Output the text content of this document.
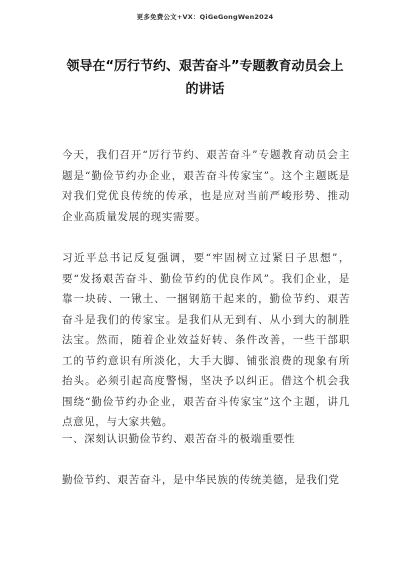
更多免费公文+VX：QiGeGongWen2024
领导在“厉行节约、艰苦奋斗”专题教育动员会上的讲话

今天，我们召开“厉行节约、艰苦奋斗”专题教育动员会主题是“勤俭节约办企业，艰苦奋斗传家宝”。这个主题既是对我们党优良传统的传承，也是应对当前严峻形势、推动企业高质量发展的现实需要。

习近平总书记反复强调，要“牢固树立过紧日子思想”，要“发扬艰苦奋斗、勤俭节约的优良作风”。我们企业，是靠一块砖、一锹土、一捆钢筋干起来的，勤俭节约、艰苦奋斗是我们的传家宝。是我们从无到有、从小到大的制胜法宝。然而，随着企业效益好转、条件改善，一些干部职工的节约意识有所淡化，大手大脚、铺张浪费的现象有所抬头。必须引起高度警惕，坚决予以纠正。借这个机会我围绕“勤俭节约办企业，艰苦奋斗传家宝”这个主题，讲几点意见，与大家共勉。

一、深刻认识勤俭节约、艰苦奋斗的极端重要性

勤俭节约、艰苦奋斗，是中华民族的传统美德，是我们党
